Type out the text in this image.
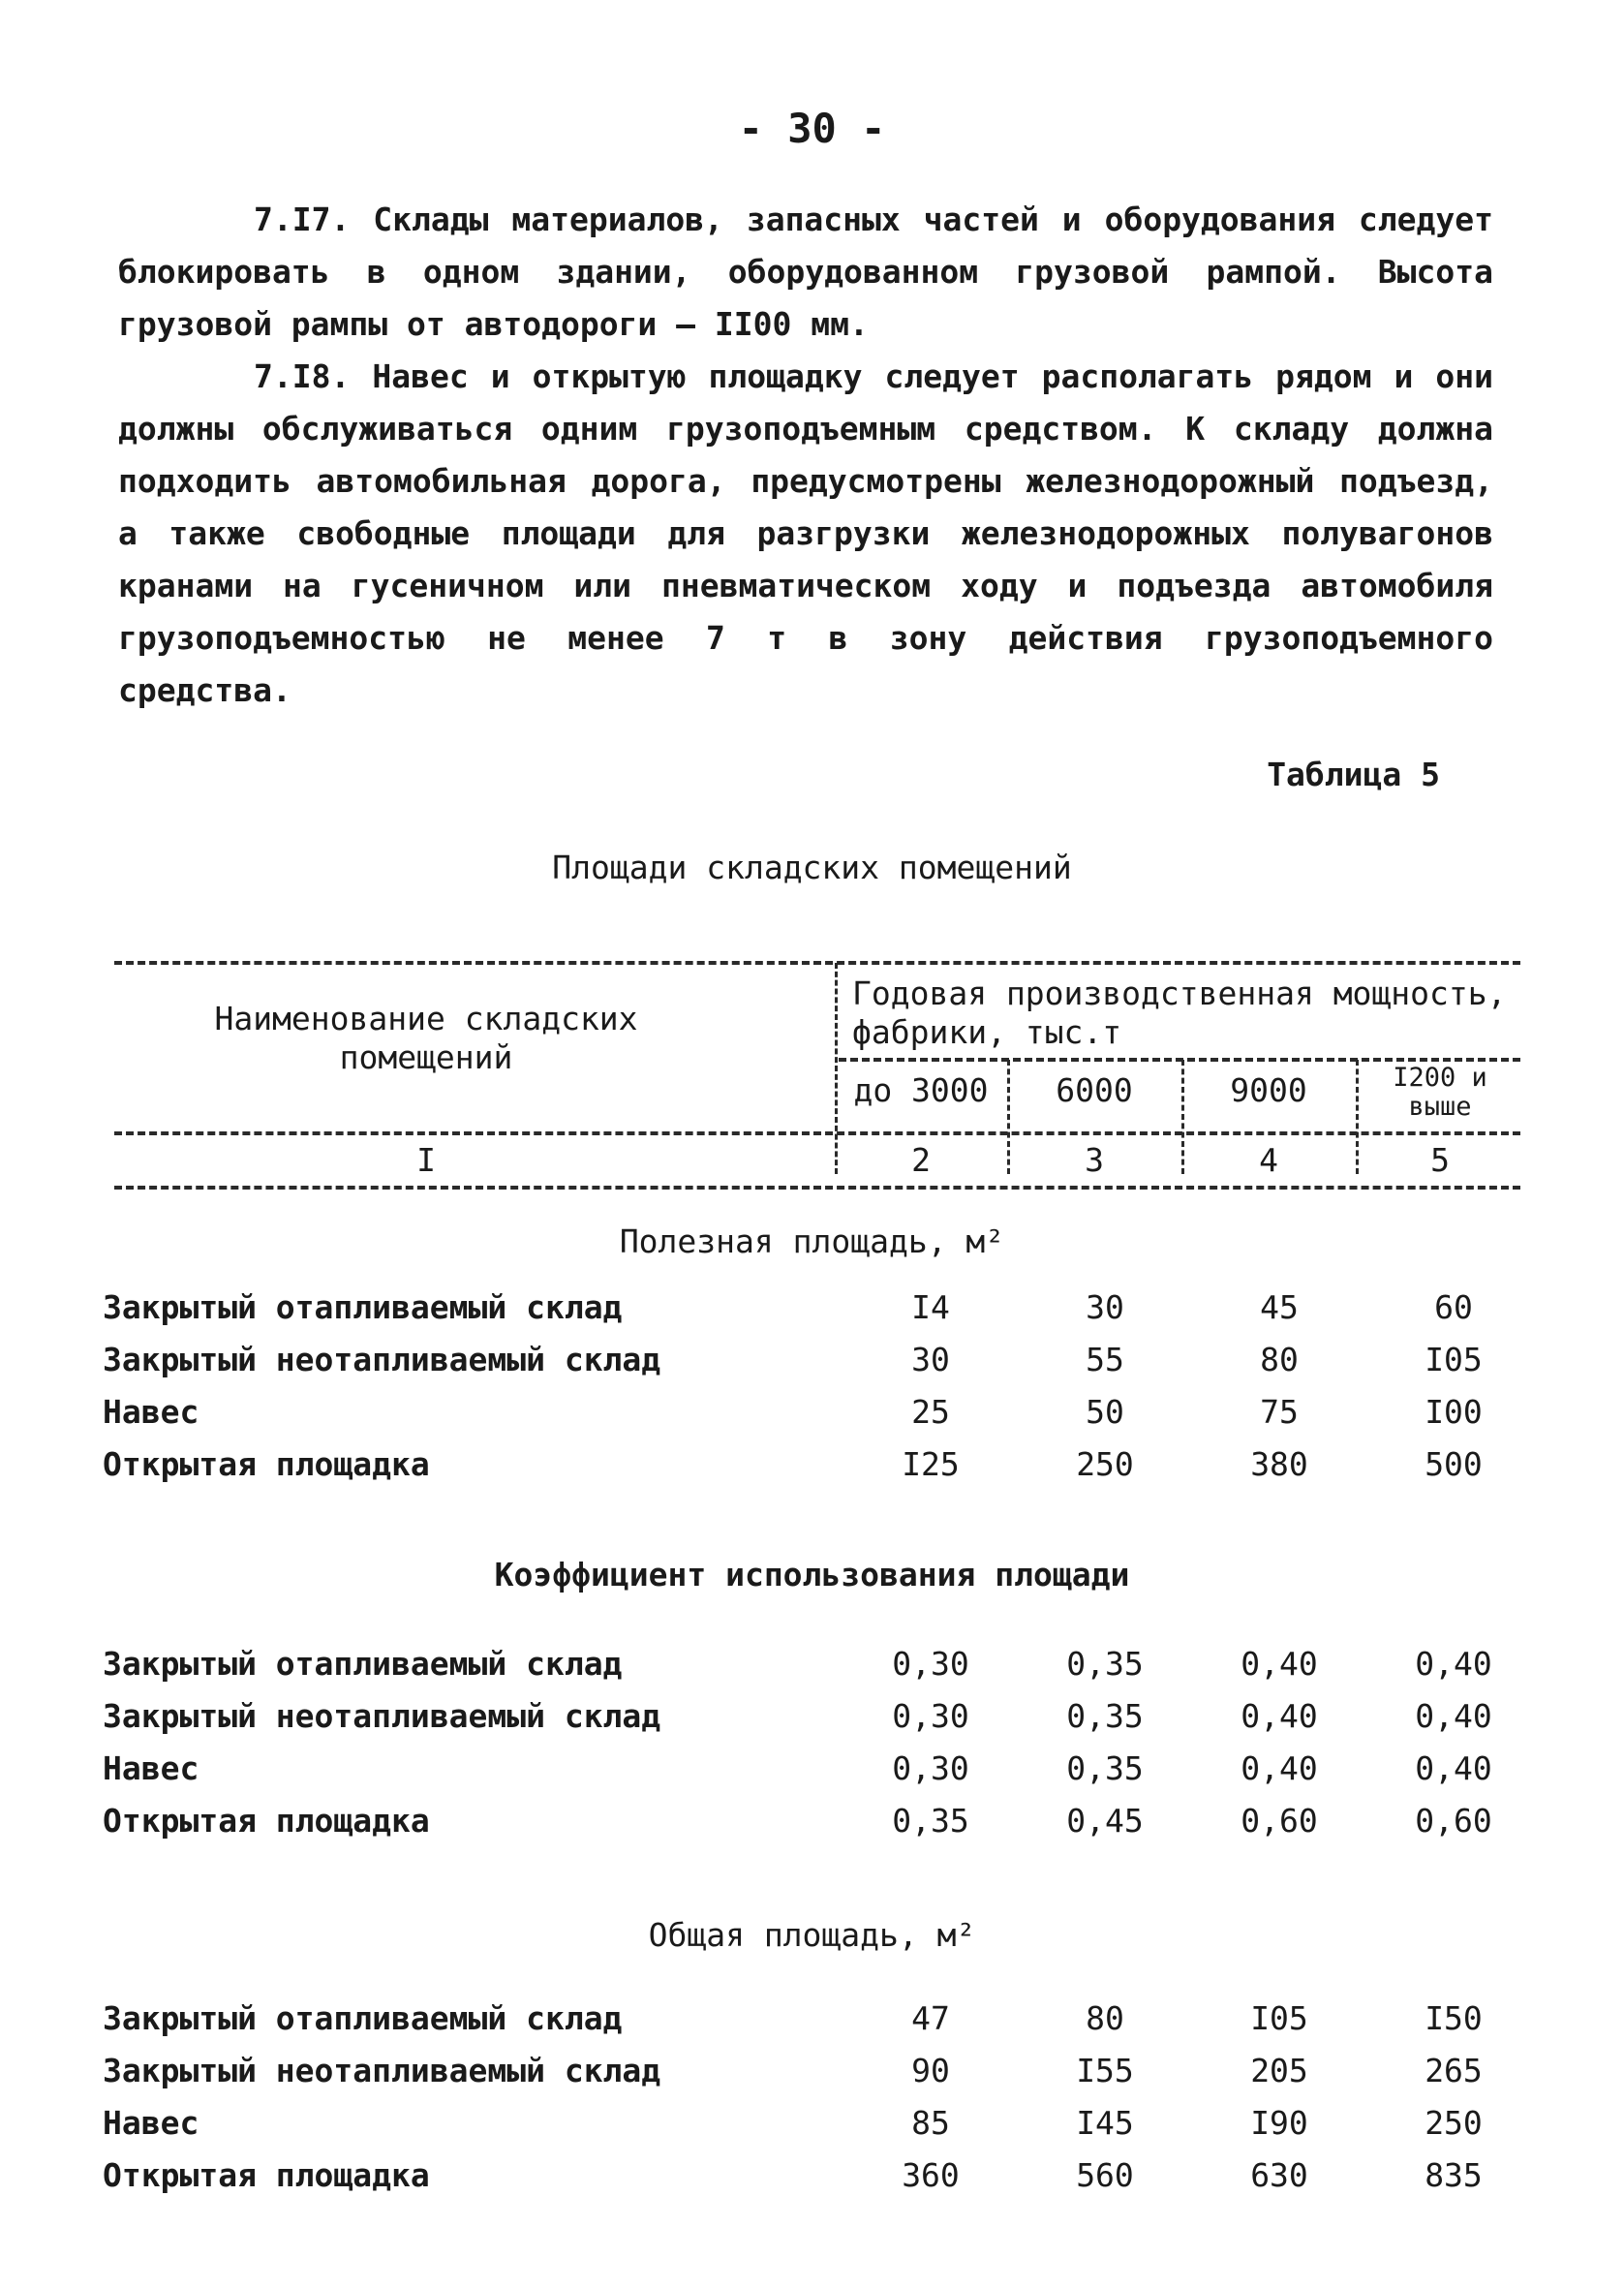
- 30 -
7.I7. Склады материалов, запасных частей и оборудования следует блокировать в одном здании, оборудованном грузовой рампой. Высота грузовой рампы от автодороги – II00 мм.
7.I8. Навес и открытую площадку следует располагать рядом и они должны обслуживаться одним грузоподъемным средством. К складу должна подходить автомобильная дорога, предусмотрены железнодорожный подъезд, а также свободные площади для разгрузки железнодорожных полувагонов кранами на гусеничном или пневматическом ходу и подъезда автомобиля грузоподъемностью не менее 7 т в зону действия грузоподъемного средства.
Таблица 5
Площади складских помещений
Наименование складских помещений
Годовая производственная мощность, фабрики, тыс.т
до 3000	6000	9000	I200 и выше
I	2	3	4	5
Полезная площадь, м²
Закрытый отапливаемый склад	I4	30	45	60
Закрытый неотапливаемый склад	30	55	80	I05
Навес	25	50	75	I00
Открытая площадка	I25	250	380	500
Коэффициент использования площади
Закрытый отапливаемый склад	0,30	0,35	0,40	0,40
Закрытый неотапливаемый склад	0,30	0,35	0,40	0,40
Навес	0,30	0,35	0,40	0,40
Открытая площадка	0,35	0,45	0,60	0,60
Общая площадь, м²
Закрытый отапливаемый склад	47	80	I05	I50
Закрытый неотапливаемый склад	90	I55	205	265
Навес	85	I45	I90	250
Открытая площадка	360	560	630	835
